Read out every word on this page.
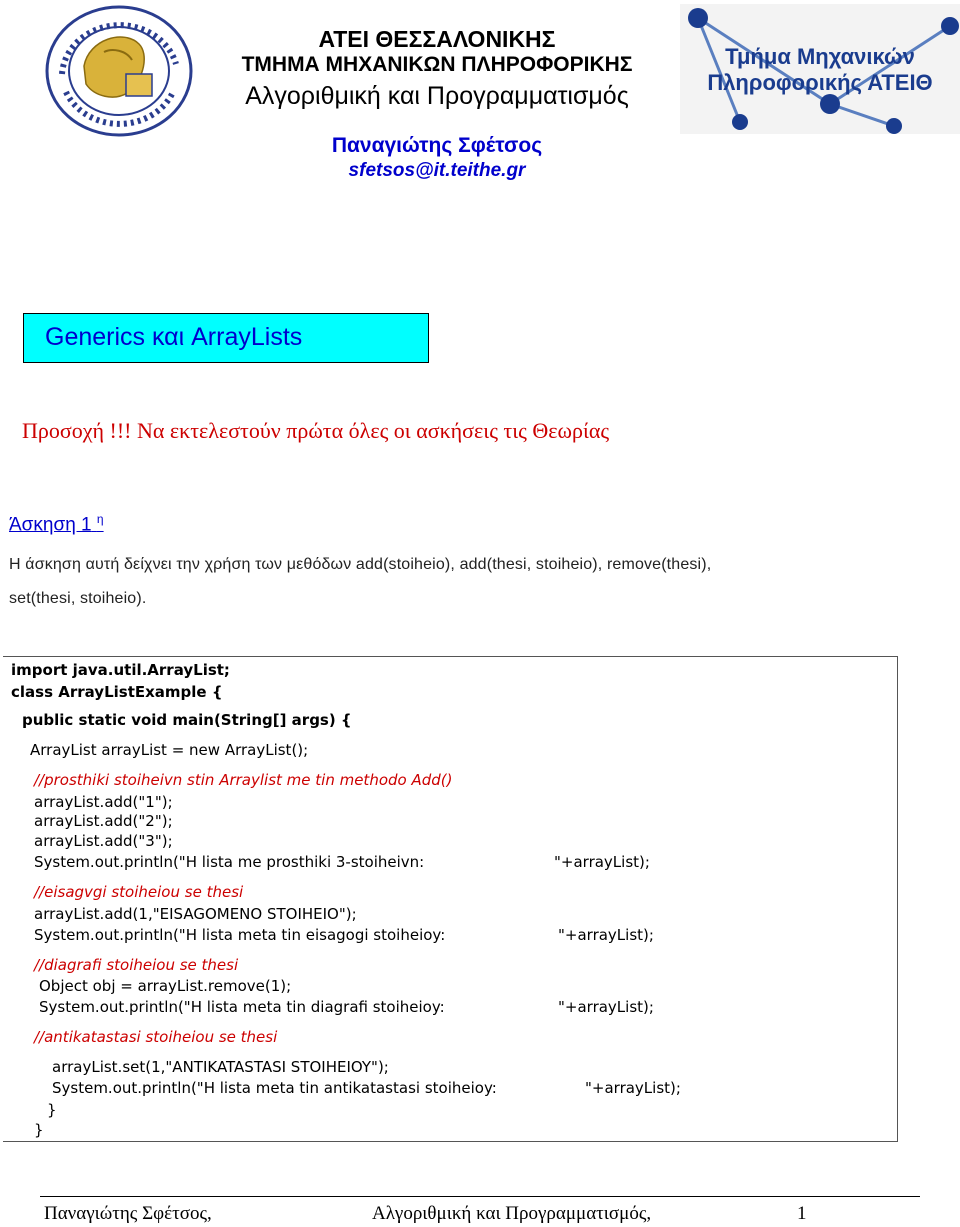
ΑΤΕΙ ΘΕΣΣΑΛΟΝΙΚΗΣ
ΤΜΗΜΑ ΜΗΧΑΝΙΚΩΝ ΠΛΗΡΟΦΟΡΙΚΗΣ
Αλγοριθμική και Προγραμματισμός
Παναγιώτης Σφέτσος
sfetsos@it.teithe.gr
Τμήμα Μηχανικών
Πληροφορικής ΑΤΕΙΘ
Generics και ArrayLists
Προσοχή !!! Να εκτελεστούν πρώτα όλες οι ασκήσεις τις Θεωρίας
Άσκηση 1 $^\eta$
Η άσκηση αυτή δείχνει την χρήση των μεθόδων add(stoiheio), add(thesi, stoiheio), remove(thesi),
set(thesi, stoiheio).
import java.util.ArrayList;
class ArrayListExample {
public static void main(String[] args) {
ArrayList arrayList = new ArrayList();
//prosthiki stoiheivn stin Arraylist me tin methodo Add()
arrayList.add("1");
arrayList.add("2");
arrayList.add("3");
System.out.println("H lista me prosthiki 3-stoiheivn:	"+arrayList);
//eisagvgi stoiheiou se thesi
arrayList.add(1,"EISAGOMENO STOIHEIO");
System.out.println("H lista meta tin eisagogi stoiheioy:	"+arrayList);
//diagrafi stoiheiou se thesi
Object obj = arrayList.remove(1);
System.out.println("H lista meta tin diagrafi stoiheioy:	"+arrayList);
//antikatastasi stoiheiou se thesi
arrayList.set(1,"ANTIKATASTASI STOIHEIOY");
System.out.println("H lista meta tin antikatastasi stoiheioy:	"+arrayList);
}
}
Παναγιώτης Σφέτσος,	Αλγοριθμική και Προγραμματισμός,	1
